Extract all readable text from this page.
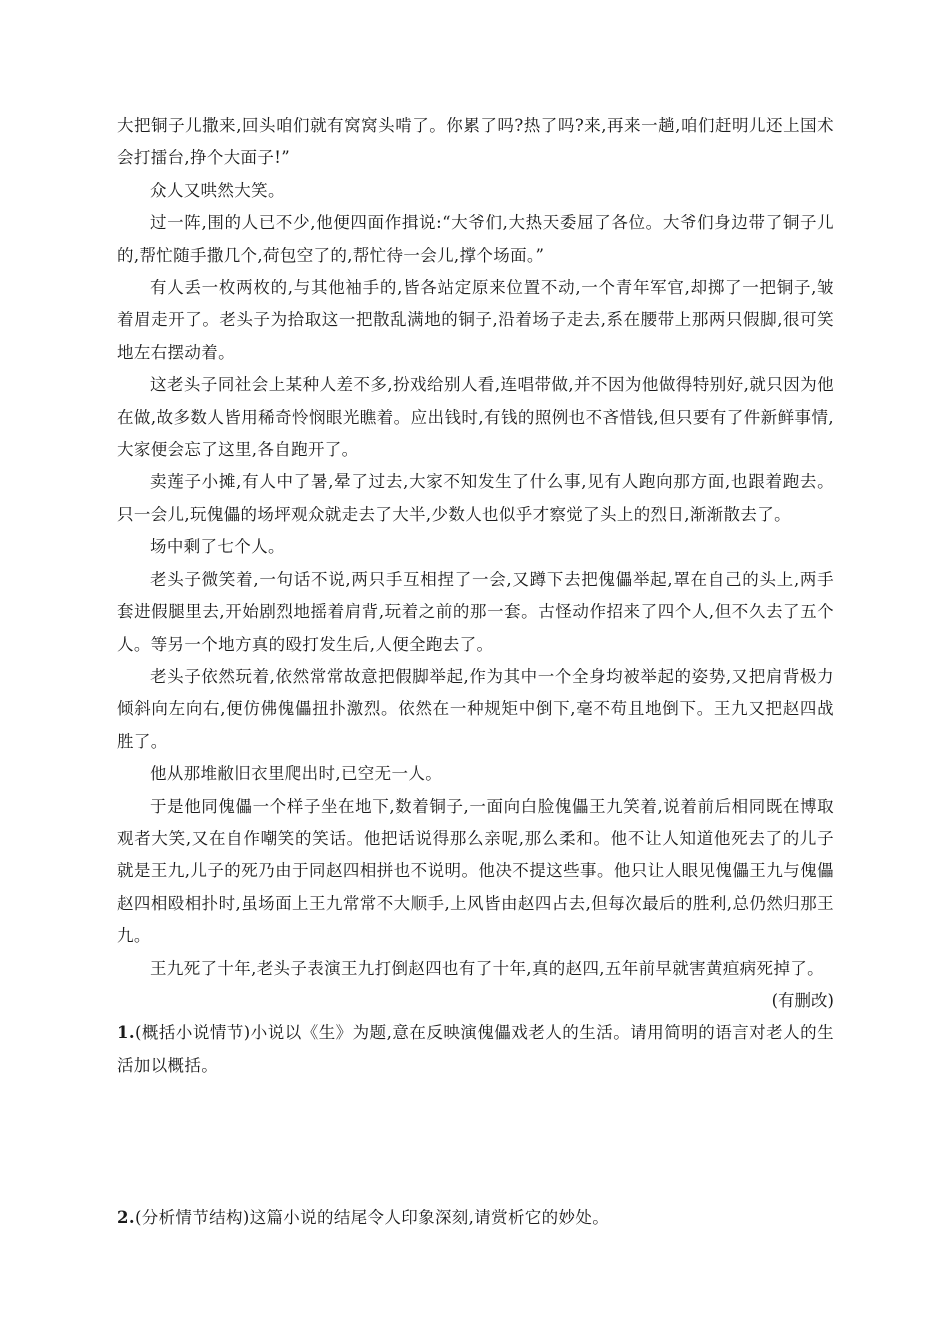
大把铜子儿撒来,回头咱们就有窝窝头啃了。你累了吗?热了吗?来,再来一趟,咱们赶明儿还上国术会打擂台,挣个大面子!”

众人又哄然大笑。

过一阵,围的人已不少,他便四面作揖说:“大爷们,大热天委屈了各位。大爷们身边带了铜子儿的,帮忙随手撒几个,荷包空了的,帮忙待一会儿,撑个场面。”

有人丢一枚两枚的,与其他袖手的,皆各站定原来位置不动,一个青年军官,却掷了一把铜子,皱着眉走开了。老头子为拾取这一把散乱满地的铜子,沿着场子走去,系在腰带上那两只假脚,很可笑地左右摆动着。

这老头子同社会上某种人差不多,扮戏给别人看,连唱带做,并不因为他做得特别好,就只因为他在做,故多数人皆用稀奇怜悯眼光瞧着。应出钱时,有钱的照例也不吝惜钱,但只要有了件新鲜事情,大家便会忘了这里,各自跑开了。

卖莲子小摊,有人中了暑,晕了过去,大家不知发生了什么事,见有人跑向那方面,也跟着跑去。只一会儿,玩傀儡的场坪观众就走去了大半,少数人也似乎才察觉了头上的烈日,渐渐散去了。

场中剩了七个人。

老头子微笑着,一句话不说,两只手互相捏了一会,又蹲下去把傀儡举起,罩在自己的头上,两手套进假腿里去,开始剧烈地摇着肩背,玩着之前的那一套。古怪动作招来了四个人,但不久去了五个人。等另一个地方真的殴打发生后,人便全跑去了。

老头子依然玩着,依然常常故意把假脚举起,作为其中一个全身均被举起的姿势,又把肩背极力倾斜向左向右,便仿佛傀儡扭扑激烈。依然在一种规矩中倒下,毫不苟且地倒下。王九又把赵四战胜了。

他从那堆敝旧衣里爬出时,已空无一人。

于是他同傀儡一个样子坐在地下,数着铜子,一面向白脸傀儡王九笑着,说着前后相同既在博取观者大笑,又在自作嘲笑的笑话。他把话说得那么亲呢,那么柔和。他不让人知道他死去了的儿子就是王九,儿子的死乃由于同赵四相拼也不说明。他决不提这些事。他只让人眼见傀儡王九与傀儡赵四相殴相扑时,虽场面上王九常常不大顺手,上风皆由赵四占去,但每次最后的胜利,总仍然归那王九。

王九死了十年,老头子表演王九打倒赵四也有了十年,真的赵四,五年前早就害黄疸病死掉了。

(有删改)

1.(概括小说情节)小说以《生》为题,意在反映演傀儡戏老人的生活。请用简明的语言对老人的生活加以概括。

2.(分析情节结构)这篇小说的结尾令人印象深刻,请赏析它的妙处。
